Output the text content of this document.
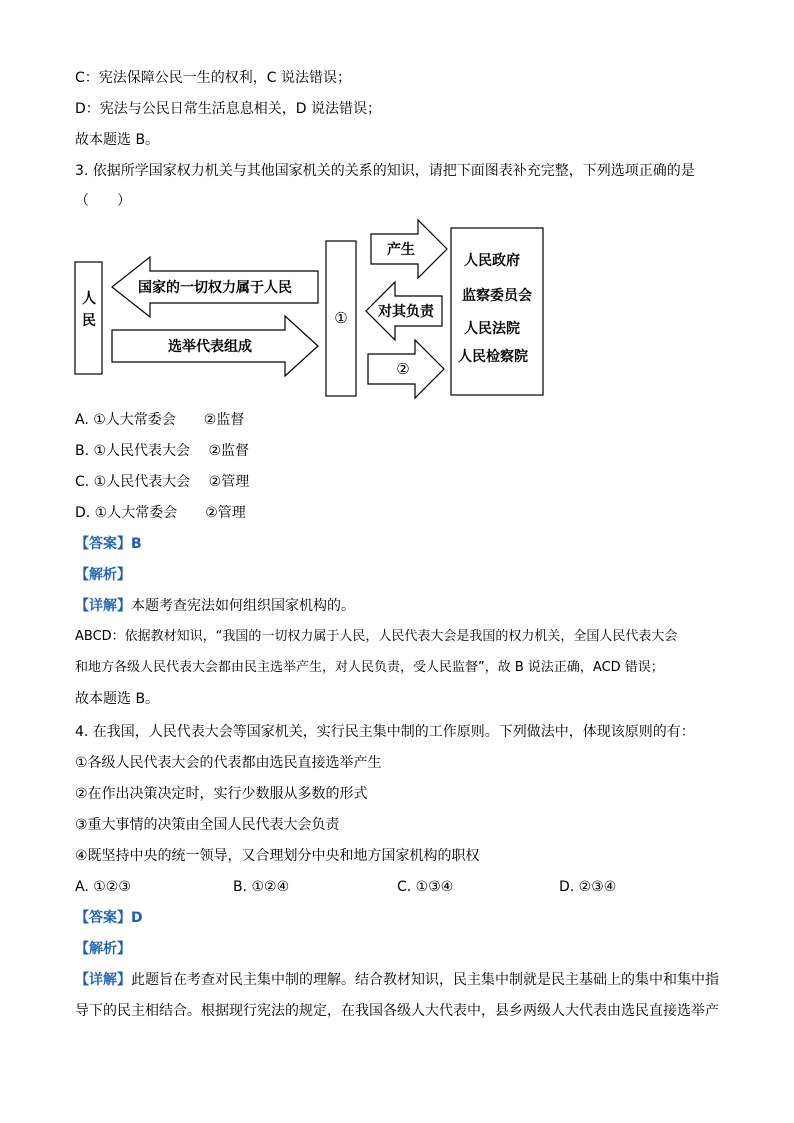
C：宪法保障公民一生的权利，C 说法错误；
D：宪法与公民日常生活息息相关，D 说法错误；
故本题选 B。
3. 依据所学国家权力机关与其他国家机关的关系的知识，请把下面图表补充完整，下列选项正确的是
（　　）
人民
国家的一切权力属于人民
选举代表组成
①
产生
对其负责
②
人民政府
监察委员会
人民法院
人民检察院
A. ①人大常委会　　②监督
B. ①人民代表大会　 ②监督
C. ①人民代表大会　 ②管理
D. ①人大常委会　　②管理
【答案】B
【解析】
【详解】本题考查宪法如何组织国家机构的。
ABCD：依据教材知识，“我国的一切权力属于人民，人民代表大会是我国的权力机关，全国人民代表大会
和地方各级人民代表大会都由民主选举产生，对人民负责，受人民监督”，故 B 说法正确，ACD 错误；
故本题选 B。
4. 在我国，人民代表大会等国家机关，实行民主集中制的工作原则。下列做法中，体现该原则的有：
①各级人民代表大会的代表都由选民直接选举产生
②在作出决策决定时，实行少数服从多数的形式
③重大事情的决策由全国人民代表大会负责
④既坚持中央的统一领导，又合理划分中央和地方国家机构的职权
A. ①②③	B. ①②④	C. ①③④	D. ②③④
【答案】D
【解析】
【详解】此题旨在考查对民主集中制的理解。结合教材知识，民主集中制就是民主基础上的集中和集中指
导下的民主相结合。根据现行宪法的规定，在我国各级人大代表中，县乡两级人大代表由选民直接选举产
